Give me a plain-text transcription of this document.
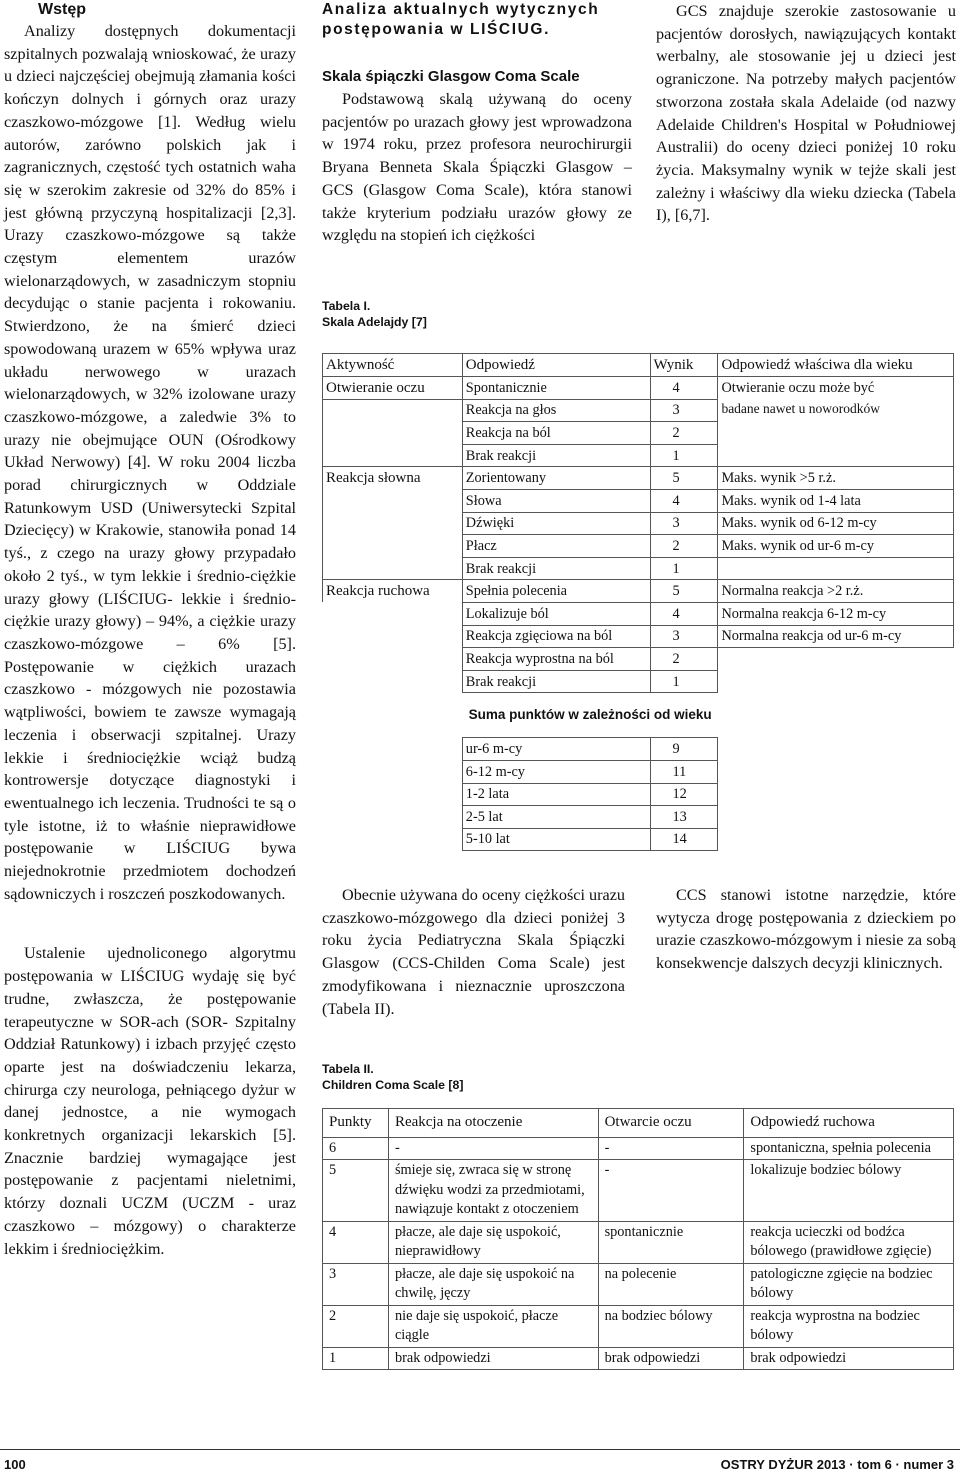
Wstęp

Analizy dostępnych dokumentacji szpitalnych pozwalają wnioskować, że urazy u dzieci najczęściej obejmują złamania kości kończyn dolnych i górnych oraz urazy czaszkowo-mózgowe [1]. Według wielu autorów, zarówno polskich jak i zagranicznych, częstość tych ostatnich waha się w szerokim zakresie od 32% do 85% i jest główną przyczyną hospitalizacji [2,3]. Urazy czaszkowo-mózgowe są także częstym elementem urazów wielonarządowych, w zasadniczym stopniu decydując o stanie pacjenta i rokowaniu. Stwierdzono, że na śmierć dzieci spowodowaną urazem w 65% wpływa uraz układu nerwowego w urazach wielonarządowych, w 32% izolowane urazy czaszkowo-mózgowe, a zaledwie 3% to urazy nie obejmujące OUN (Ośrodkowy Układ Nerwowy) [4]. W roku 2004 liczba porad chirurgicznych w Oddziale Ratunkowym USD (Uniwersytecki Szpital Dziecięcy) w Krakowie, stanowiła ponad 14 tyś., z czego na urazy głowy przypadało około 2 tyś., w tym lekkie i średnio-ciężkie urazy głowy (LIŚCIUG- lekkie i średnio-ciężkie urazy głowy) – 94%, a ciężkie urazy czaszkowo-mózgowe – 6% [5]. Postępowanie w ciężkich urazach czaszkowo - mózgowych nie pozostawia wątpliwości, bowiem te zawsze wymagają leczenia i obserwacji szpitalnej. Urazy lekkie i średniociężkie wciąż budzą kontrowersje dotyczące diagnostyki i ewentualnego ich leczenia. Trudności te są o tyle istotne, iż to właśnie nieprawidłowe postępowanie w LIŚCIUG bywa niejednokrotnie przedmiotem dochodzeń sądowniczych i roszczeń poszkodowanych.

Ustalenie ujednoliconego algorytmu postępowania w LIŚCIUG wydaję się być trudne, zwłaszcza, że postępowanie terapeutyczne w SOR-ach (SOR- Szpitalny Oddział Ratunkowy) i izbach przyjęć często oparte jest na doświadczeniu lekarza, chirurga czy neurologa, pełniącego dyżur w danej jednostce, a nie wymogach konkretnych organizacji lekarskich [5]. Znacznie bardziej wymagające jest postępowanie z pacjentami nieletnimi, którzy doznali UCZM (UCZM - uraz czaszkowo – mózgowy) o charakterze lekkim i średniociężkim.

Analiza aktualnych wytycznych postępowania w LIŚCIUG.

Skala śpiączki Glasgow Coma Scale

Podstawową skalą używaną do oceny pacjentów po urazach głowy jest wprowadzona w 1974 roku, przez profesora neurochirurgii Bryana Benneta Skala Śpiączki Glasgow – GCS (Glasgow Coma Scale), która stanowi także kryterium podziału urazów głowy ze względu na stopień ich ciężkości

GCS znajduje szerokie zastosowanie u pacjentów dorosłych, nawiązujących kontakt werbalny, ale stosowanie jej u dzieci jest ograniczone. Na potrzeby małych pacjentów stworzona została skala Adelaide (od nazwy Adelaide Children's Hospital w Południowej Australii) do oceny dzieci poniżej 10 roku życia. Maksymalny wynik w tejże skali jest zależny i właściwy dla wieku dziecka (Tabela I), [6,7].

Tabela I.
Skala Adelajdy [7]
Aktywność	Odpowiedź	Wynik	Odpowiedź właściwa dla wieku
Otwieranie oczu	Spontanicznie	4	Otwieranie oczu może być
	Reakcja na głos	3	badane nawet u noworodków
	Reakcja na ból	2	
	Brak reakcji	1	
Reakcja słowna	Zorientowany	5	Maks. wynik >5 r.ż.
	Słowa	4	Maks. wynik od 1-4 lata
	Dźwięki	3	Maks. wynik od 6-12 m-cy
	Płacz	2	Maks. wynik od ur-6 m-cy
	Brak reakcji	1	
Reakcja ruchowa	Spełnia polecenia	5	Normalna reakcja >2 r.ż.
	Lokalizuje ból	4	Normalna reakcja 6-12 m-cy
	Reakcja zgięciowa na ból	3	Normalna reakcja od ur-6 m-cy
	Reakcja wyprostna na ból	2	
	Brak reakcji	1	
	Suma punktów w zależności od wieku		
	ur-6 m-cy	9	
	6-12 m-cy	11	
	1-2 lata	12	
	2-5 lat	13	
	5-10 lat	14	

Obecnie używana do oceny ciężkości urazu czaszkowo-mózgowego dla dzieci poniżej 3 roku życia Pediatryczna Skala Śpiączki Glasgow (CCS-Childen Coma Scale) jest zmodyfikowana i nieznacznie uproszczona (Tabela II).

CCS stanowi istotne narzędzie, które wytycza drogę postępowania z dzieckiem po urazie czaszkowo-mózgowym i niesie za sobą konsekwencje dalszych decyzji klinicznych.

Tabela II.
Children Coma Scale [8]
Punkty	Reakcja na otoczenie	Otwarcie oczu	Odpowiedź ruchowa
6	-	-	spontaniczna, spełnia polecenia
5	śmieje się, zwraca się w stronę dźwięku wodzi za przedmiotami, nawiązuje kontakt z otoczeniem	-	lokalizuje bodziec bólowy
4	płacze, ale daje się uspokoić, nieprawidłowy	spontanicznie	reakcja ucieczki od bodźca bólowego (prawidłowe zgięcie)
3	płacze, ale daje się uspokoić na chwilę, jęczy	na polecenie	patologiczne zgięcie na bodziec bólowy
2	nie daje się uspokoić, płacze ciągle	na bodziec bólowy	reakcja wyprostna na bodziec bólowy
1	brak odpowiedzi	brak odpowiedzi	brak odpowiedzi
100	OSTRY DYŻUR 2013 · tom 6 · numer 3
